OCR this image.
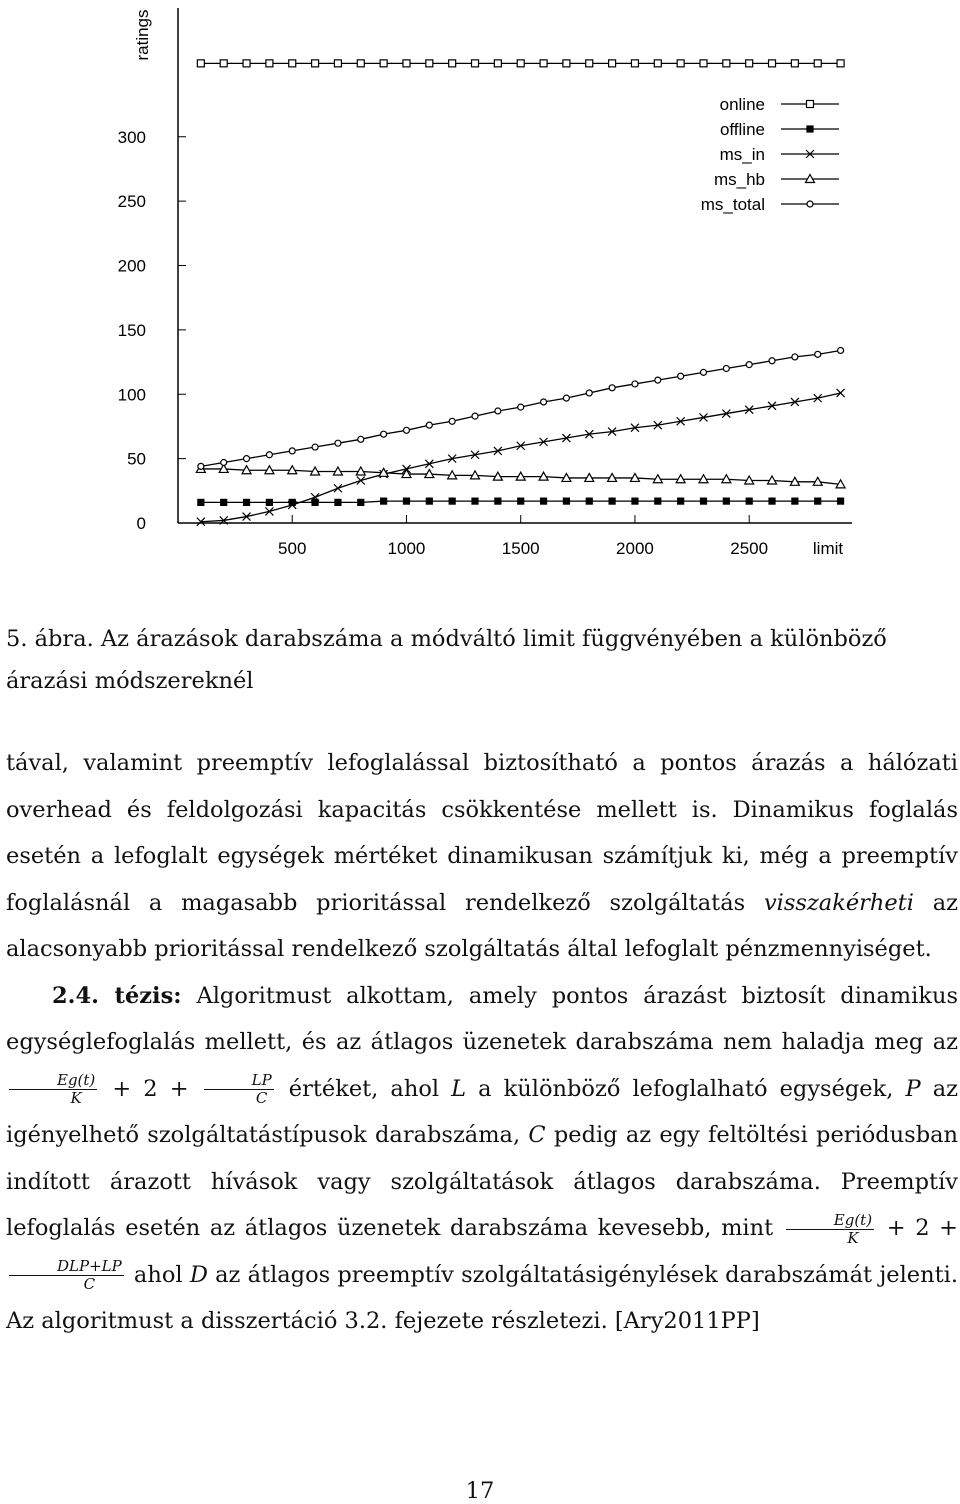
0
50
100
150
200
250
300
500	1000	1500	2000	2500	limit
ratings
online
offline
ms_in
ms_hb
ms_total
5. ábra. Az árazások darabszáma a módváltó limit függvényében a különböző árazási módszereknél

tával, valamint preemptív lefoglalással biztosítható a pontos árazás a hálózati overhead és feldolgozási kapacitás csökkentése mellett is. Dinamikus foglalás esetén a lefoglalt egységek mértéket dinamikusan számítjuk ki, még a preemptív foglalásnál a magasabb prioritással rendelkező szolgáltatás visszakérheti az alacsonyabb prioritással rendelkező szolgáltatás által lefoglalt pénzmennyiséget.

2.4. tézis: Algoritmust alkottam, amely pontos árazást biztosít dinamikus egységlefoglalás mellett, és az átlagos üzenetek darabszáma nem haladja meg az
$\frac{Eg(t)}{K} + 2 + \frac{LP}{C}$ értéket, ahol L a különböző lefoglalható egységek, P az igényelhető szolgáltatástípusok darabszáma, C pedig az egy feltöltési periódusban indított árazott hívások vagy szolgáltatások átlagos darabszáma. Preemptív lefoglalás esetén az átlagos üzenetek darabszáma kevesebb, mint $\frac{Eg(t)}{K} + 2$ +
$\frac{\text{DLP+LP}}{C}$ ahol D az átlagos preemptív szolgáltatásigénylések darabszámát jelenti. Az algoritmust a disszertáció 3.2. fejezete részletezi. [Ary2011PP]

17
